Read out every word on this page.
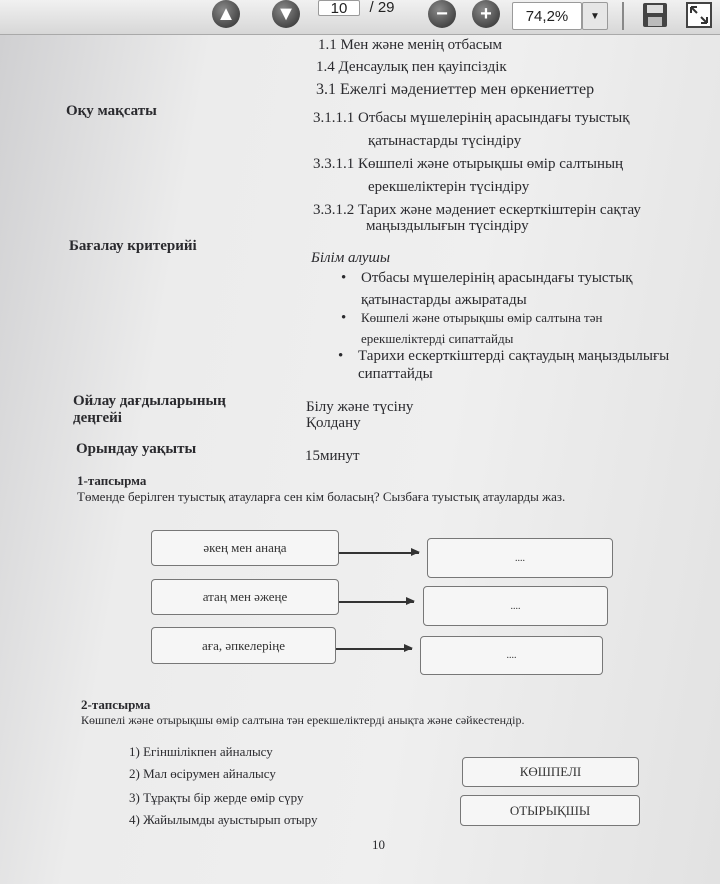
1.1 Мен және менің отбасым
1.4 Денсаулық пен қауіпсіздік
3.1 Ежелгі мәдениеттер мен өркениеттер
Оқу мақсаты	3.1.1.1 Отбасы мүшелерінің арасындағы туыстық
қатынастарды түсіндіру
3.3.1.1 Көшпелі және отырықшы өмір салтының
ерекшеліктерін түсіндіру
3.3.1.2 Тарих және мәдениет ескерткіштерін сақтау
маңыздылығын түсіндіру
Бағалау критерийі
Білім алушы
• Отбасы мүшелерінің арасындағы туыстық
қатынастарды ажыратады
• Көшпелі және отырықшы өмір салтына тән
ерекшеліктерді сипаттайды
• Тарихи ескерткіштерді сақтаудың маңыздылығы
сипаттайды
Ойлау дағдыларының
деңгейі
Білу және түсіну
Қолдану
Орындау уақыты	15минут
1-тапсырма
Төменде берілген туыстық атауларға сен кім боласың? Сызбаға туыстық атауларды жаз.
әкең мен анаңа
....
атаң мен әжеңе
....
аға, әпкелеріңе
....
2-тапсырма
Көшпелі және отырықшы өмір салтына тән ерекшеліктерді анықта және сәйкестендір.
1) Егіншілікпен айналысу
2) Мал өсірумен айналысу
3) Тұрақты бір жерде өмір сүру
4) Жайылымды ауыстырып отыру
КӨШПЕЛІ
ОТЫРЫҚШЫ
10
▲ ▼ 10 / 29 − + 74,2% ▼
